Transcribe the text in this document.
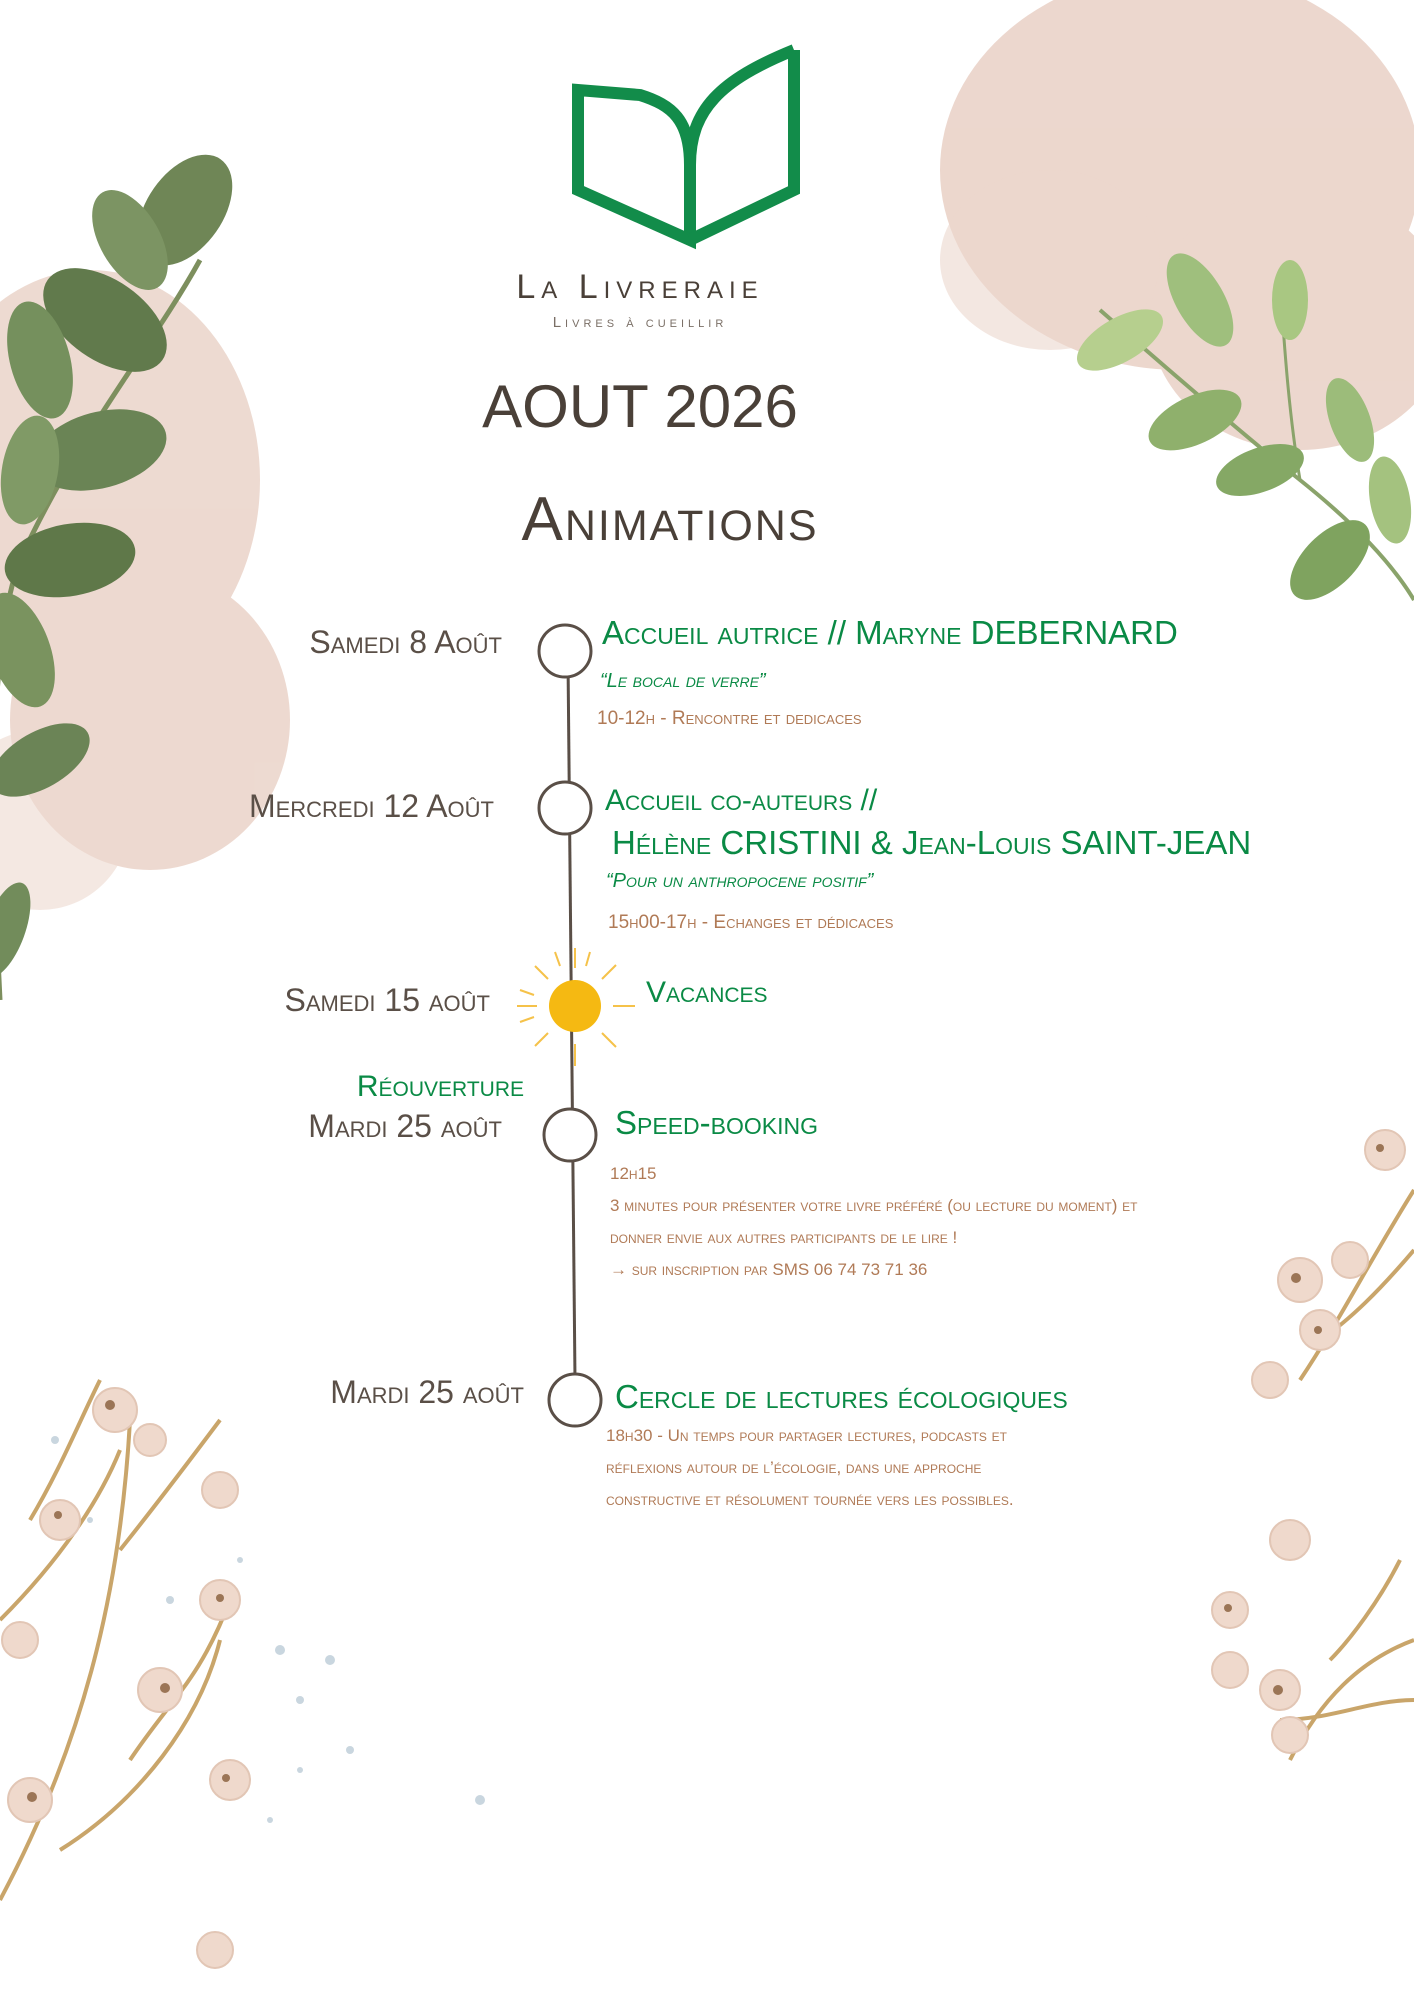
La Livreraie
Livres à cueillir
AOUT 2026
Animations
Samedi 8 Août	Accueil autrice // Maryne DEBERNARD
“Le bocal de verre”
10-12h - Rencontre et dedicaces
Mercredi 12 Août	Accueil co-auteurs //
Hélène CRISTINI & Jean-Louis SAINT-JEAN
“Pour un anthropocene positif”
15h00-17h - Echanges et dédicaces
Samedi 15 août	Vacances
Réouverture
Mardi 25 août	Speed-booking
12h15
3 minutes pour présenter votre livre préféré (ou lecture du moment) et
donner envie aux autres participants de le lire !
→ sur inscription par SMS 06 74 73 71 36
Mardi 25 août	Cercle de lectures écologiques
18h30 - Un temps pour partager lectures, podcasts et
réflexions autour de l’écologie, dans une approche
constructive et résolument tournée vers les possibles.
